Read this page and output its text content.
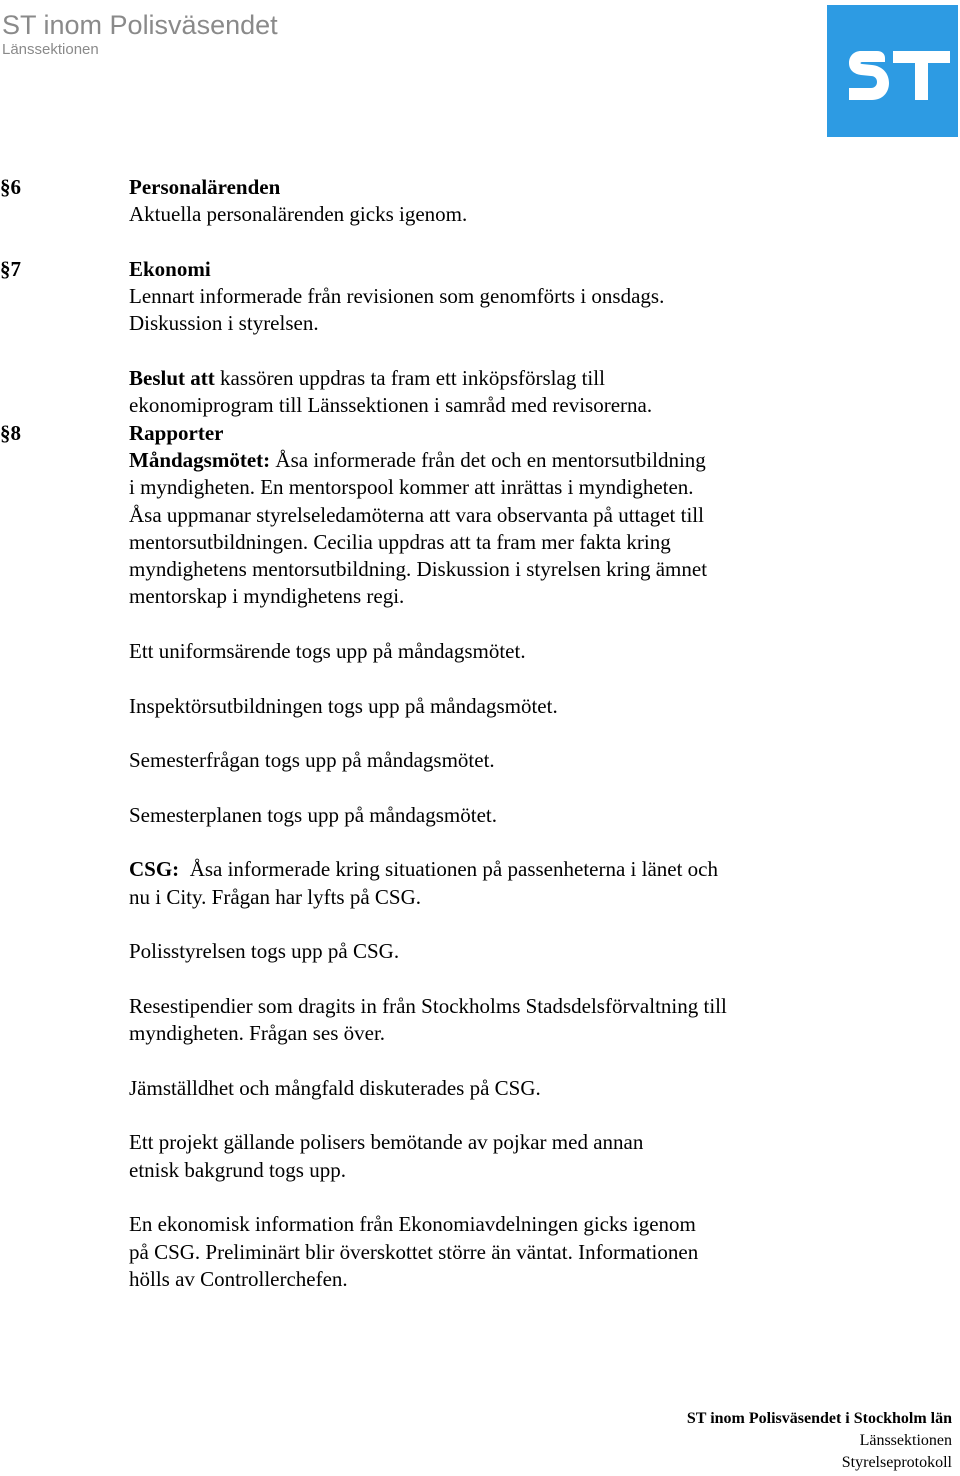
ST inom Polisväsendet
Länssektionen
§6	Personalärenden

Aktuella personalärenden gicks igenom.

§7	Ekonomi

Lennart informerade från revisionen som genomförts i onsdags.

Diskussion i styrelsen.

Beslut att kassören uppdras ta fram ett inköpsförslag till

ekonomiprogram till Länssektionen i samråd med revisorerna.

§8	Rapporter

Måndagsmötet: Åsa informerade från det och en mentorsutbildning

i myndigheten. En mentorspool kommer att inrättas i myndigheten.

Åsa uppmanar styrelseledamöterna att vara observanta på uttaget till

mentorsutbildningen. Cecilia uppdras att ta fram mer fakta kring

myndighetens mentorsutbildning. Diskussion i styrelsen kring ämnet

mentorskap i myndighetens regi.

Ett uniformsärende togs upp på måndagsmötet.

Inspektörsutbildningen togs upp på måndagsmötet.

Semesterfrågan togs upp på måndagsmötet.

Semesterplanen togs upp på måndagsmötet.

CSG:  Åsa informerade kring situationen på passenheterna i länet och

nu i City. Frågan har lyfts på CSG.

Polisstyrelsen togs upp på CSG.

Resestipendier som dragits in från Stockholms Stadsdelsförvaltning till

myndigheten. Frågan ses över.

Jämställdhet och mångfald diskuterades på CSG.

Ett projekt gällande polisers bemötande av pojkar med annan

etnisk bakgrund togs upp.

En ekonomisk information från Ekonomiavdelningen gicks igenom

på CSG. Preliminärt blir överskottet större än väntat. Informationen

hölls av Controllerchefen.

ST inom Polisväsendet i Stockholm län
Länssektionen
Styrelseprotokoll
